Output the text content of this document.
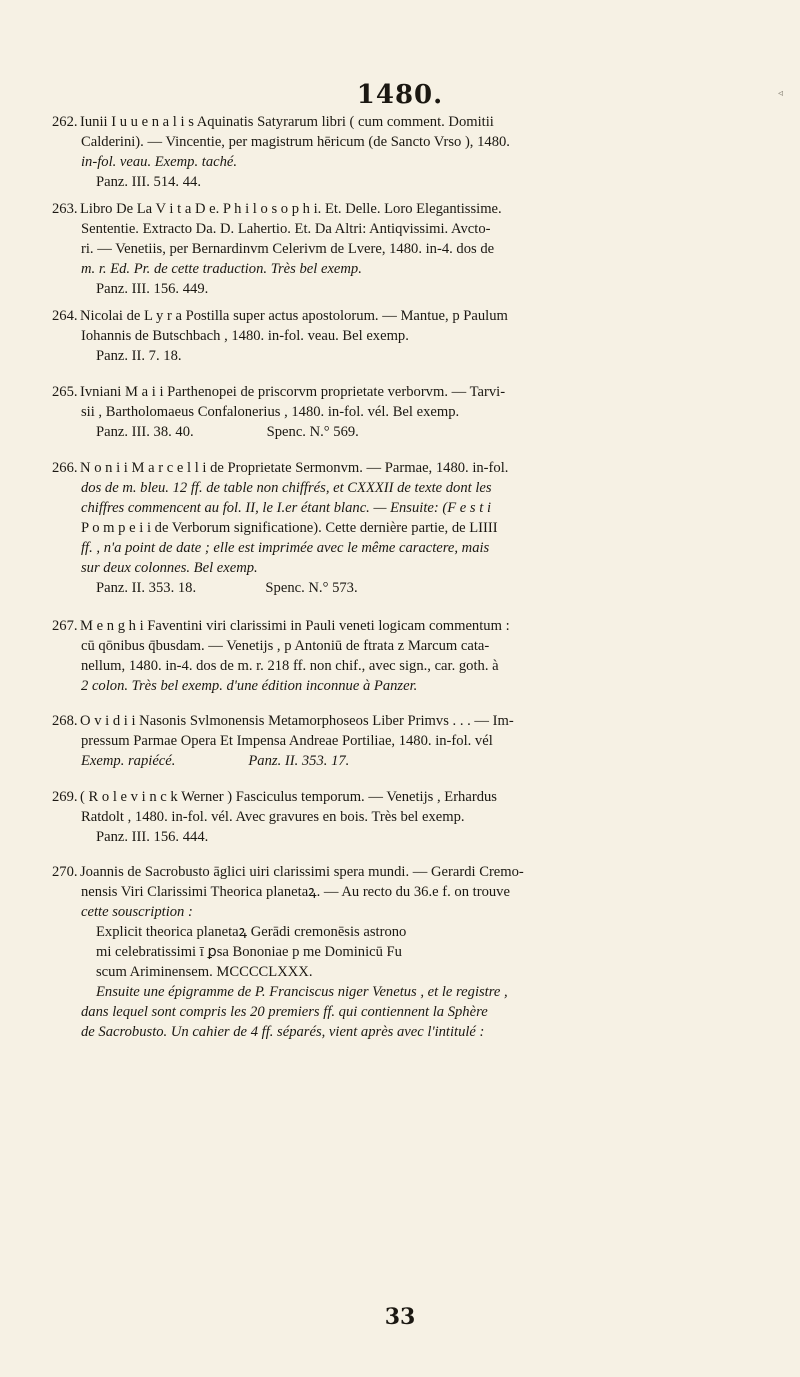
1480.	◃
262. Iunii I u u e n a l i s Aquinatis Satyrarum libri ( cum comment. Domitii
Calderini). — Vincentie, per magistrum hēricum (de Sancto Vrso ), 1480.
in-fol. veau. Exemp. taché.
Panz. III. 514. 44.
263. Libro De La V i t a D e. P h i l o s o p h i. Et. Delle. Loro Elegantissime.
Sententie. Extracto Da. D. Lahertio. Et. Da Altri: Antiqvissimi. Avcto-
ri. — Venetiis, per Bernardinvm Celerivm de Lvere, 1480. in-4. dos de
m. r. Ed. Pr. de cette traduction. Très bel exemp.
Panz. III. 156. 449.
264. Nicolai de L y r a Postilla super actus apostolorum. — Mantue, p Paulum
Iohannis de Butschbach , 1480. in-fol. veau. Bel exemp.
Panz. II. 7. 18.
265. Ivniani M a i i Parthenopei de priscorvm proprietate verborvm. — Tarvi-
sii , Bartholomaeus Confalonerius , 1480. in-fol. vél. Bel exemp.
Panz. III. 38. 40.                    Spenc. N.° 569.
266. N o n i i M a r c e l l i de Proprietate Sermonvm. — Parmae, 1480. in-fol.
dos de m. bleu. 12 ff. de table non chiffrés, et CXXXII de texte dont les
chiffres commencent au fol. II, le I.er étant blanc. — Ensuite: (F e s t i
P o m p e i i de Verborum significatione). Cette dernière partie, de LIIII
ff. , n'a point de date ; elle est imprimée avec le même caractere, mais
sur deux colonnes. Bel exemp.
Panz. II. 353. 18.                   Spenc. N.° 573.
267. M e n g h i Faventini viri clarissimi in Pauli veneti logicam commentum :
cū qōnibus q̄busdam. — Venetijs , p Antoniū de ftrata z Marcum cata-
nellum, 1480. in-4. dos de m. r. 218 ff. non chif., avec sign., car. goth. à
2 colon. Très bel exemp. d'une édition inconnue à Panzer.
268. O v i d i i Nasonis Svlmonensis Metamorphoseos Liber Primvs . . . — Im-
pressum Parmae Opera Et Impensa Andreae Portiliae, 1480. in-fol. vél
Exemp. rapiécé.                    Panz. II. 353. 17.
269. ( R o l e v i n c k Werner ) Fasciculus temporum. — Venetijs , Erhardus
Ratdolt , 1480. in-fol. vél. Avec gravures en bois. Très bel exemp.
Panz. III. 156. 444.
270. Joannis de Sacrobusto āglici uiri clarissimi spera mundi. — Gerardi Cremo-
nensis Viri Clarissimi Theorica planetaꝝ. — Au recto du 36.e f. on trouve
cette souscription :
Explicit theorica planetaꝝ Gerādi cremonēsis astrono
mi celebratissimi ī ꝑsa Bononiae p me Dominicū Fu
scum Ariminensem. MCCCCLXXX.
Ensuite une épigramme de P. Franciscus niger Venetus , et le registre ,
dans lequel sont compris les 20 premiers ff. qui contiennent la Sphère
de Sacrobusto. Un cahier de 4 ff. séparés, vient après avec l'intitulé :
33
